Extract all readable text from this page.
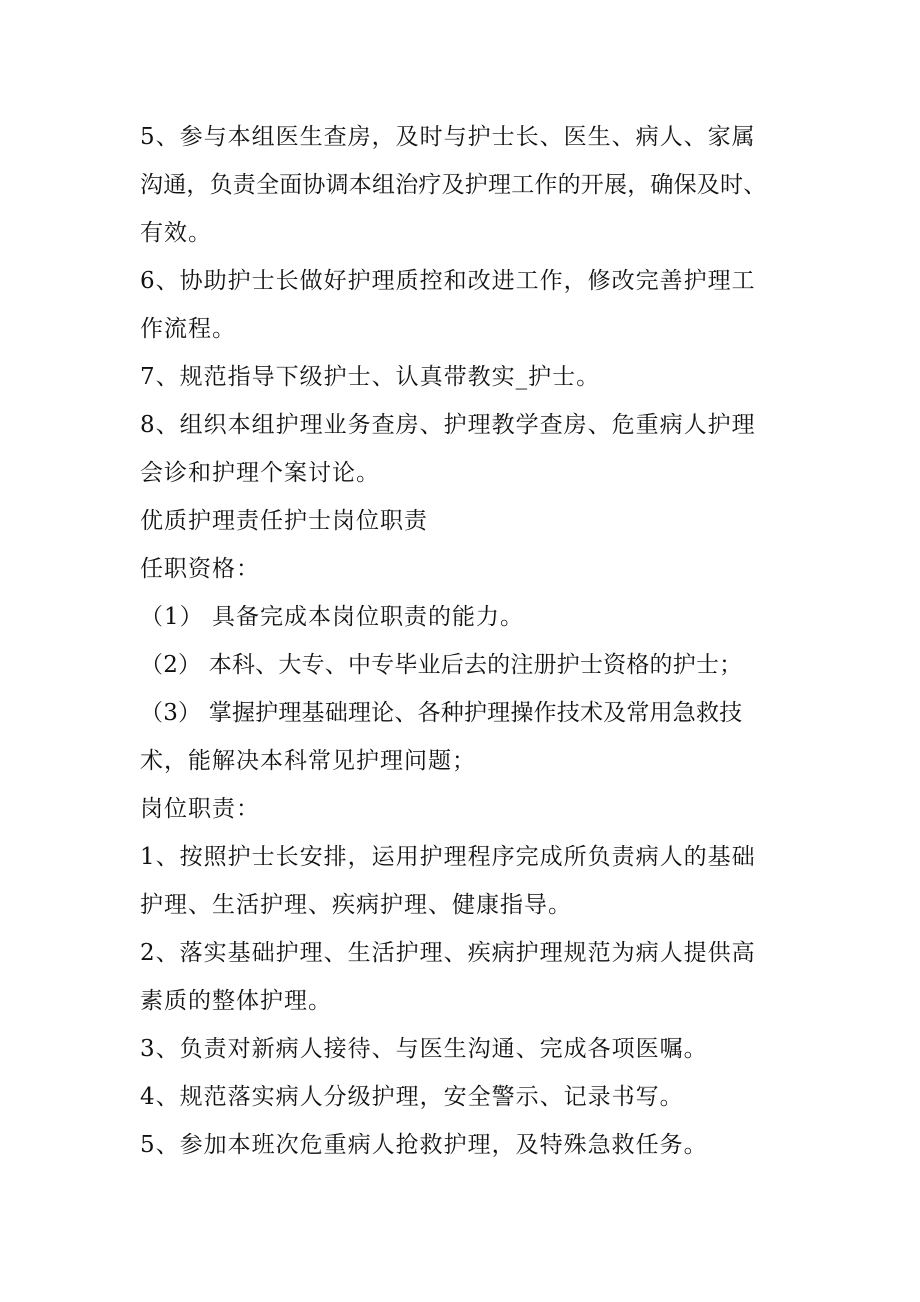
5、参与本组医生查房，及时与护士长、医生、病人、家属
沟通，负责全面协调本组治疗及护理工作的开展，确保及时、
有效。
6、协助护士长做好护理质控和改进工作，修改完善护理工
作流程。
7、规范指导下级护士、认真带教实_护士。
8、组织本组护理业务查房、护理教学查房、危重病人护理
会诊和护理个案讨论。
优质护理责任护士岗位职责
任职资格：
（1） 具备完成本岗位职责的能力。
（2） 本科、大专、中专毕业后去的注册护士资格的护士；
（3） 掌握护理基础理论、各种护理操作技术及常用急救技
术，能解决本科常见护理问题；
岗位职责：
1、按照护士长安排，运用护理程序完成所负责病人的基础
护理、生活护理、疾病护理、健康指导。
2、落实基础护理、生活护理、疾病护理规范为病人提供高
素质的整体护理。
3、负责对新病人接待、与医生沟通、完成各项医嘱。
4、规范落实病人分级护理，安全警示、记录书写。
5、参加本班次危重病人抢救护理，及特殊急救任务。
